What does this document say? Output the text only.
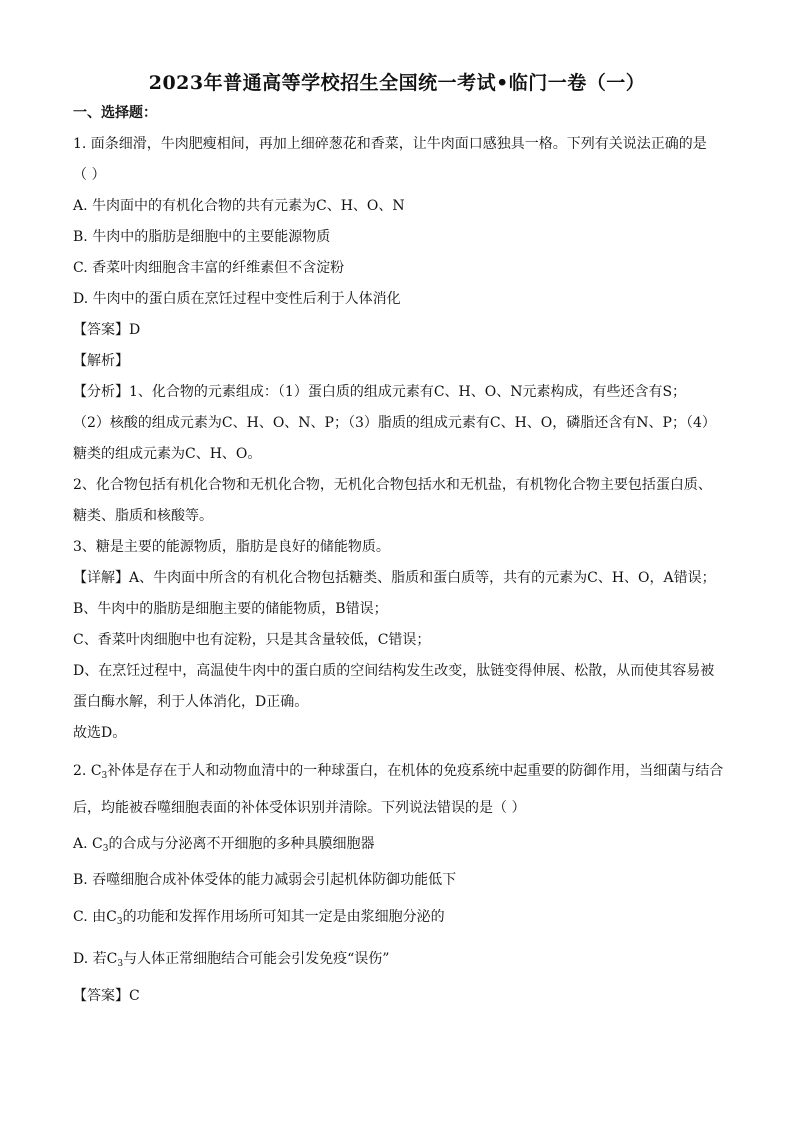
2023年普通高等学校招生全国统一考试•临门一卷（一）
一、选择题：
1. 面条细滑，牛肉肥瘦相间，再加上细碎葱花和香菜，让牛肉面口感独具一格。下列有关说法正确的是
（ ）
A. 牛肉面中的有机化合物的共有元素为C、H、O、N
B. 牛肉中的脂肪是细胞中的主要能源物质
C. 香菜叶肉细胞含丰富的纤维素但不含淀粉
D. 牛肉中的蛋白质在烹饪过程中变性后利于人体消化
【答案】D
【解析】
【分析】1、化合物的元素组成：（1）蛋白质的组成元素有C、H、O、N元素构成，有些还含有S；
（2）核酸的组成元素为C、H、O、N、P；（3）脂质的组成元素有C、H、O，磷脂还含有N、P；（4）
糖类的组成元素为C、H、O。
2、化合物包括有机化合物和无机化合物，无机化合物包括水和无机盐，有机物化合物主要包括蛋白质、
糖类、脂质和核酸等。
3、糖是主要的能源物质，脂肪是良好的储能物质。
【详解】A、牛肉面中所含的有机化合物包括糖类、脂质和蛋白质等，共有的元素为C、H、O，A错误；
B、牛肉中的脂肪是细胞主要的储能物质，B错误；
C、香菜叶肉细胞中也有淀粉，只是其含量较低，C错误；
D、在烹饪过程中，高温使牛肉中的蛋白质的空间结构发生改变，肽链变得伸展、松散，从而使其容易被
蛋白酶水解，利于人体消化，D正确。
故选D。
2. $C_3$补体是存在于人和动物血清中的一种球蛋白，在机体的免疫系统中起重要的防御作用，当细菌与结合
后，均能被吞噬细胞表面的补体受体识别并清除。下列说法错误的是（ ）
A. $C_3$的合成与分泌离不开细胞的多种具膜细胞器
B. 吞噬细胞合成补体受体的能力减弱会引起机体防御功能低下
C. 由$C_3$的功能和发挥作用场所可知其一定是由浆细胞分泌的
D. 若$C_3$与人体正常细胞结合可能会引发免疫“误伤”
【答案】C
